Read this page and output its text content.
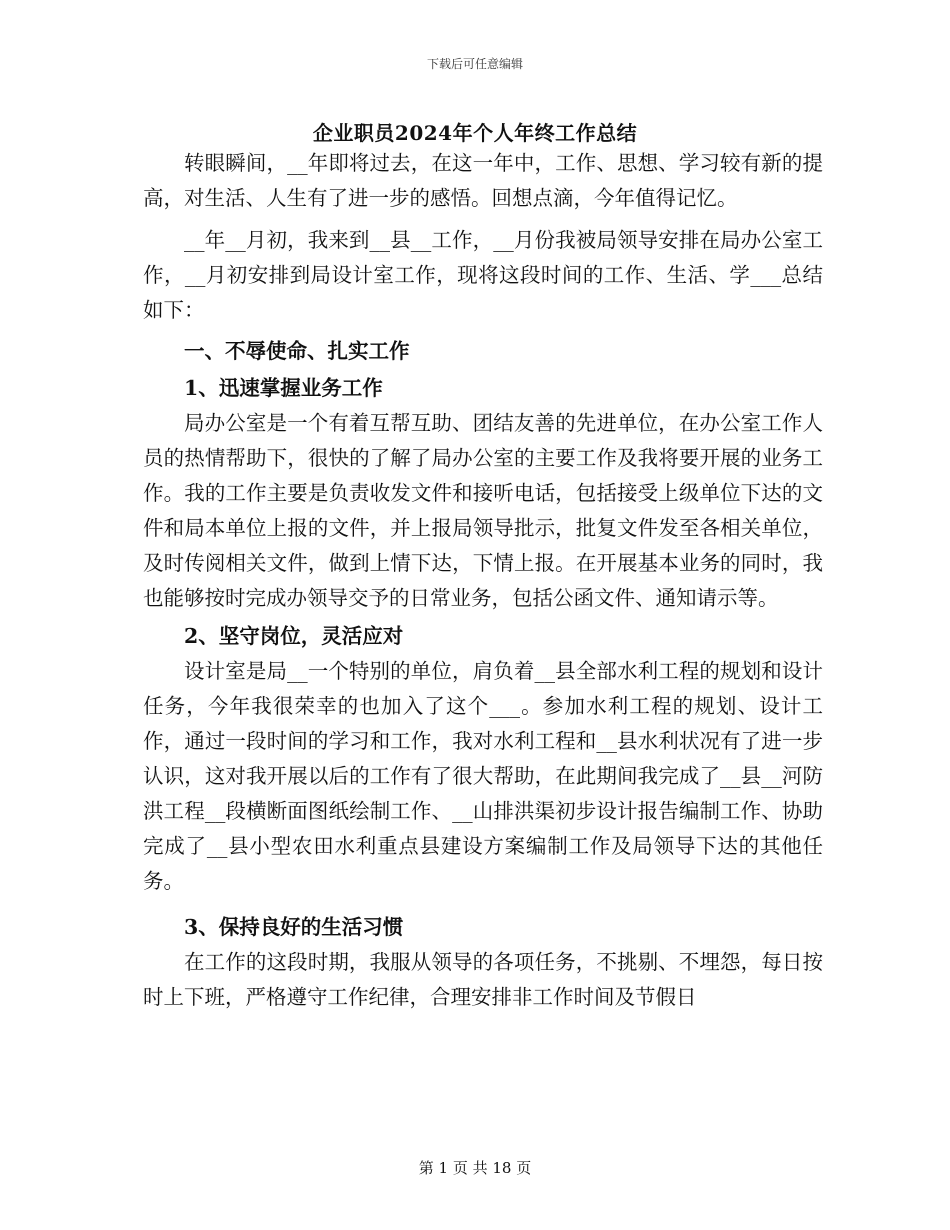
下载后可任意编辑
企业职员2024年个人年终工作总结

转眼瞬间，__年即将过去，在这一年中，工作、思想、学习较有新的提高，对生活、人生有了进一步的感悟。回想点滴，今年值得记忆。

__年__月初，我来到__县__工作，__月份我被局领导安排在局办公室工作，__月初安排到局设计室工作，现将这段时间的工作、生活、学___总结如下：

一、不辱使命、扎实工作

1、迅速掌握业务工作

局办公室是一个有着互帮互助、团结友善的先进单位，在办公室工作人员的热情帮助下，很快的了解了局办公室的主要工作及我将要开展的业务工作。我的工作主要是负责收发文件和接听电话，包括接受上级单位下达的文件和局本单位上报的文件，并上报局领导批示，批复文件发至各相关单位，及时传阅相关文件，做到上情下达，下情上报。在开展基本业务的同时，我也能够按时完成办领导交予的日常业务，包括公函文件、通知请示等。

2、坚守岗位，灵活应对

设计室是局__一个特别的单位，肩负着__县全部水利工程的规划和设计任务，今年我很荣幸的也加入了这个___。参加水利工程的规划、设计工作，通过一段时间的学习和工作，我对水利工程和__县水利状况有了进一步认识，这对我开展以后的工作有了很大帮助，在此期间我完成了__县__河防洪工程__段横断面图纸绘制工作、__山排洪渠初步设计报告编制工作、协助完成了__县小型农田水利重点县建设方案编制工作及局领导下达的其他任务。

3、保持良好的生活习惯

在工作的这段时期，我服从领导的各项任务，不挑剔、不埋怨，每日按时上下班，严格遵守工作纪律，合理安排非工作时间及节假日

第 1 页 共 18 页
